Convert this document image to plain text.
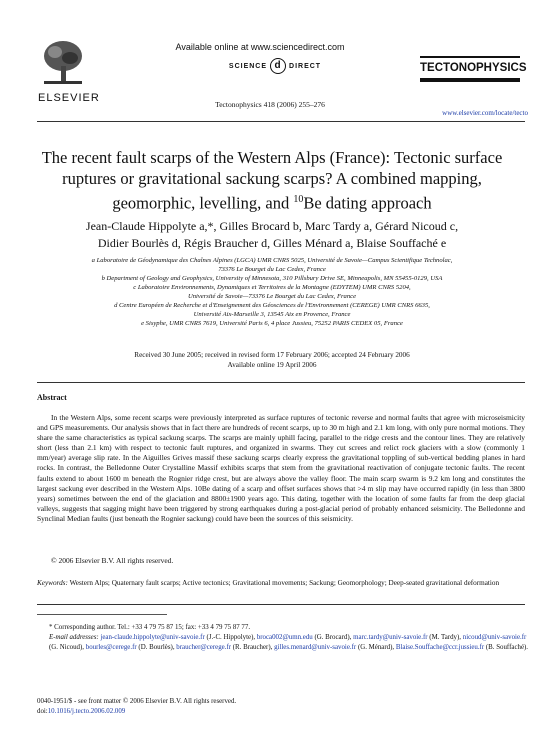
Available online at www.sciencedirect.com
SCIENCE d DIRECT
ELSEVIER
Tectonophysics 418 (2006) 255–276
TECTONOPHYSICS
www.elsevier.com/locate/tecto
The recent fault scarps of the Western Alps (France): Tectonic surface
ruptures or gravitational sackung scarps? A combined mapping,
geomorphic, levelling, and $^{10}$Be dating approach
Jean-Claude Hippolyte a,*, Gilles Brocard b, Marc Tardy a, Gérard Nicoud c,
Didier Bourlès d, Régis Braucher d, Gilles Ménard a, Blaise Souffaché e
a Laboratoire de Géodynamique des Chaînes Alpines (LGCA) UMR CNRS 5025, Université de Savoie—Campus Scientifique Technolac,
73376 Le Bourget du Lac Cedex, France
b Department of Geology and Geophysics, University of Minnesota, 310 Pillsbury Drive SE, Minneapolis, MN 55455-0129, USA
c Laboratoire Environnements, Dynamiques et Territoires de la Montagne (EDYTEM) UMR CNRS 5204,
Université de Savoie—73376 Le Bourget du Lac Cedex, France
d Centre Européen de Recherche et d'Enseignement des Géosciences de l'Environnement (CEREGE) UMR CNRS 6635,
Université Aix-Marseille 3, 13545 Aix en Provence, France
e Sisyphe, UMR CNRS 7619, Université Paris 6, 4 place Jussieu, 75252 PARIS CEDEX 05, France
Received 30 June 2005; received in revised form 17 February 2006; accepted 24 February 2006
Available online 19 April 2006
Abstract
In the Western Alps, some recent scarps were previously interpreted as surface ruptures of tectonic reverse and normal faults that agree with microseismicity and GPS measurements. Our analysis shows that in fact there are hundreds of recent scarps, up to 30 m high and 2.1 km long, with only pure normal motions. They share the same characteristics as typical sackung scarps. The scarps are mainly uphill facing, parallel to the ridge crests and the contour lines. They are relatively short (less than 2.1 km) with respect to tectonic fault ruptures, and organized in swarms. They cut screes and relict rock glaciers with a slow (commonly 1 mm/year) average slip rate. In the Aiguilles Grives massif these sackung scarps clearly express the gravitational toppling of sub-vertical bedding planes in hard rocks. In contrast, the Belledonne Outer Crystalline Massif exhibits scarps that stem from the gravitational reactivation of conjugate tectonic faults. The recent faults extend to about 1600 m beneath the Rognier ridge crest, but are always above the valley floor. The main scarp swarm is 9.2 km long and constitutes the largest sackung ever described in the Western Alps. 10Be dating of a scarp and offset surfaces shows that >4 m slip may have occurred rapidly (in less than 3800 years) sometimes between the end of the glaciation and 8800±1900 years ago. This dating, together with the location of some faults far from the deep glacial valleys, suggests that sagging might have been triggered by strong earthquakes during a post-glacial period of probably enhanced seismicity. The Belledonne and Synclinal Median faults (just beneath the Rognier sackung) could have been the sources of this seismicity.
© 2006 Elsevier B.V. All rights reserved.
Keywords: Western Alps; Quaternary fault scarps; Active tectonics; Gravitational movements; Sackung; Geomorphology; Deep-seated gravitational deformation
* Corresponding author. Tel.: +33 4 79 75 87 15; fax: +33 4 79 75 87 77.
E-mail addresses: jean-claude.hippolyte@univ-savoie.fr (J.-C. Hippolyte), broca002@umn.edu (G. Brocard), marc.tardy@univ-savoie.fr (M. Tardy), nicoud@univ-savoie.fr (G. Nicoud), bourles@cerege.fr (D. Bourlès), braucher@cerege.fr (R. Braucher), gilles.menard@univ-savoie.fr (G. Ménard), Blaise.Souffache@ccr.jussieu.fr (B. Souffaché).
0040-1951/$ - see front matter © 2006 Elsevier B.V. All rights reserved.
doi:10.1016/j.tecto.2006.02.009
